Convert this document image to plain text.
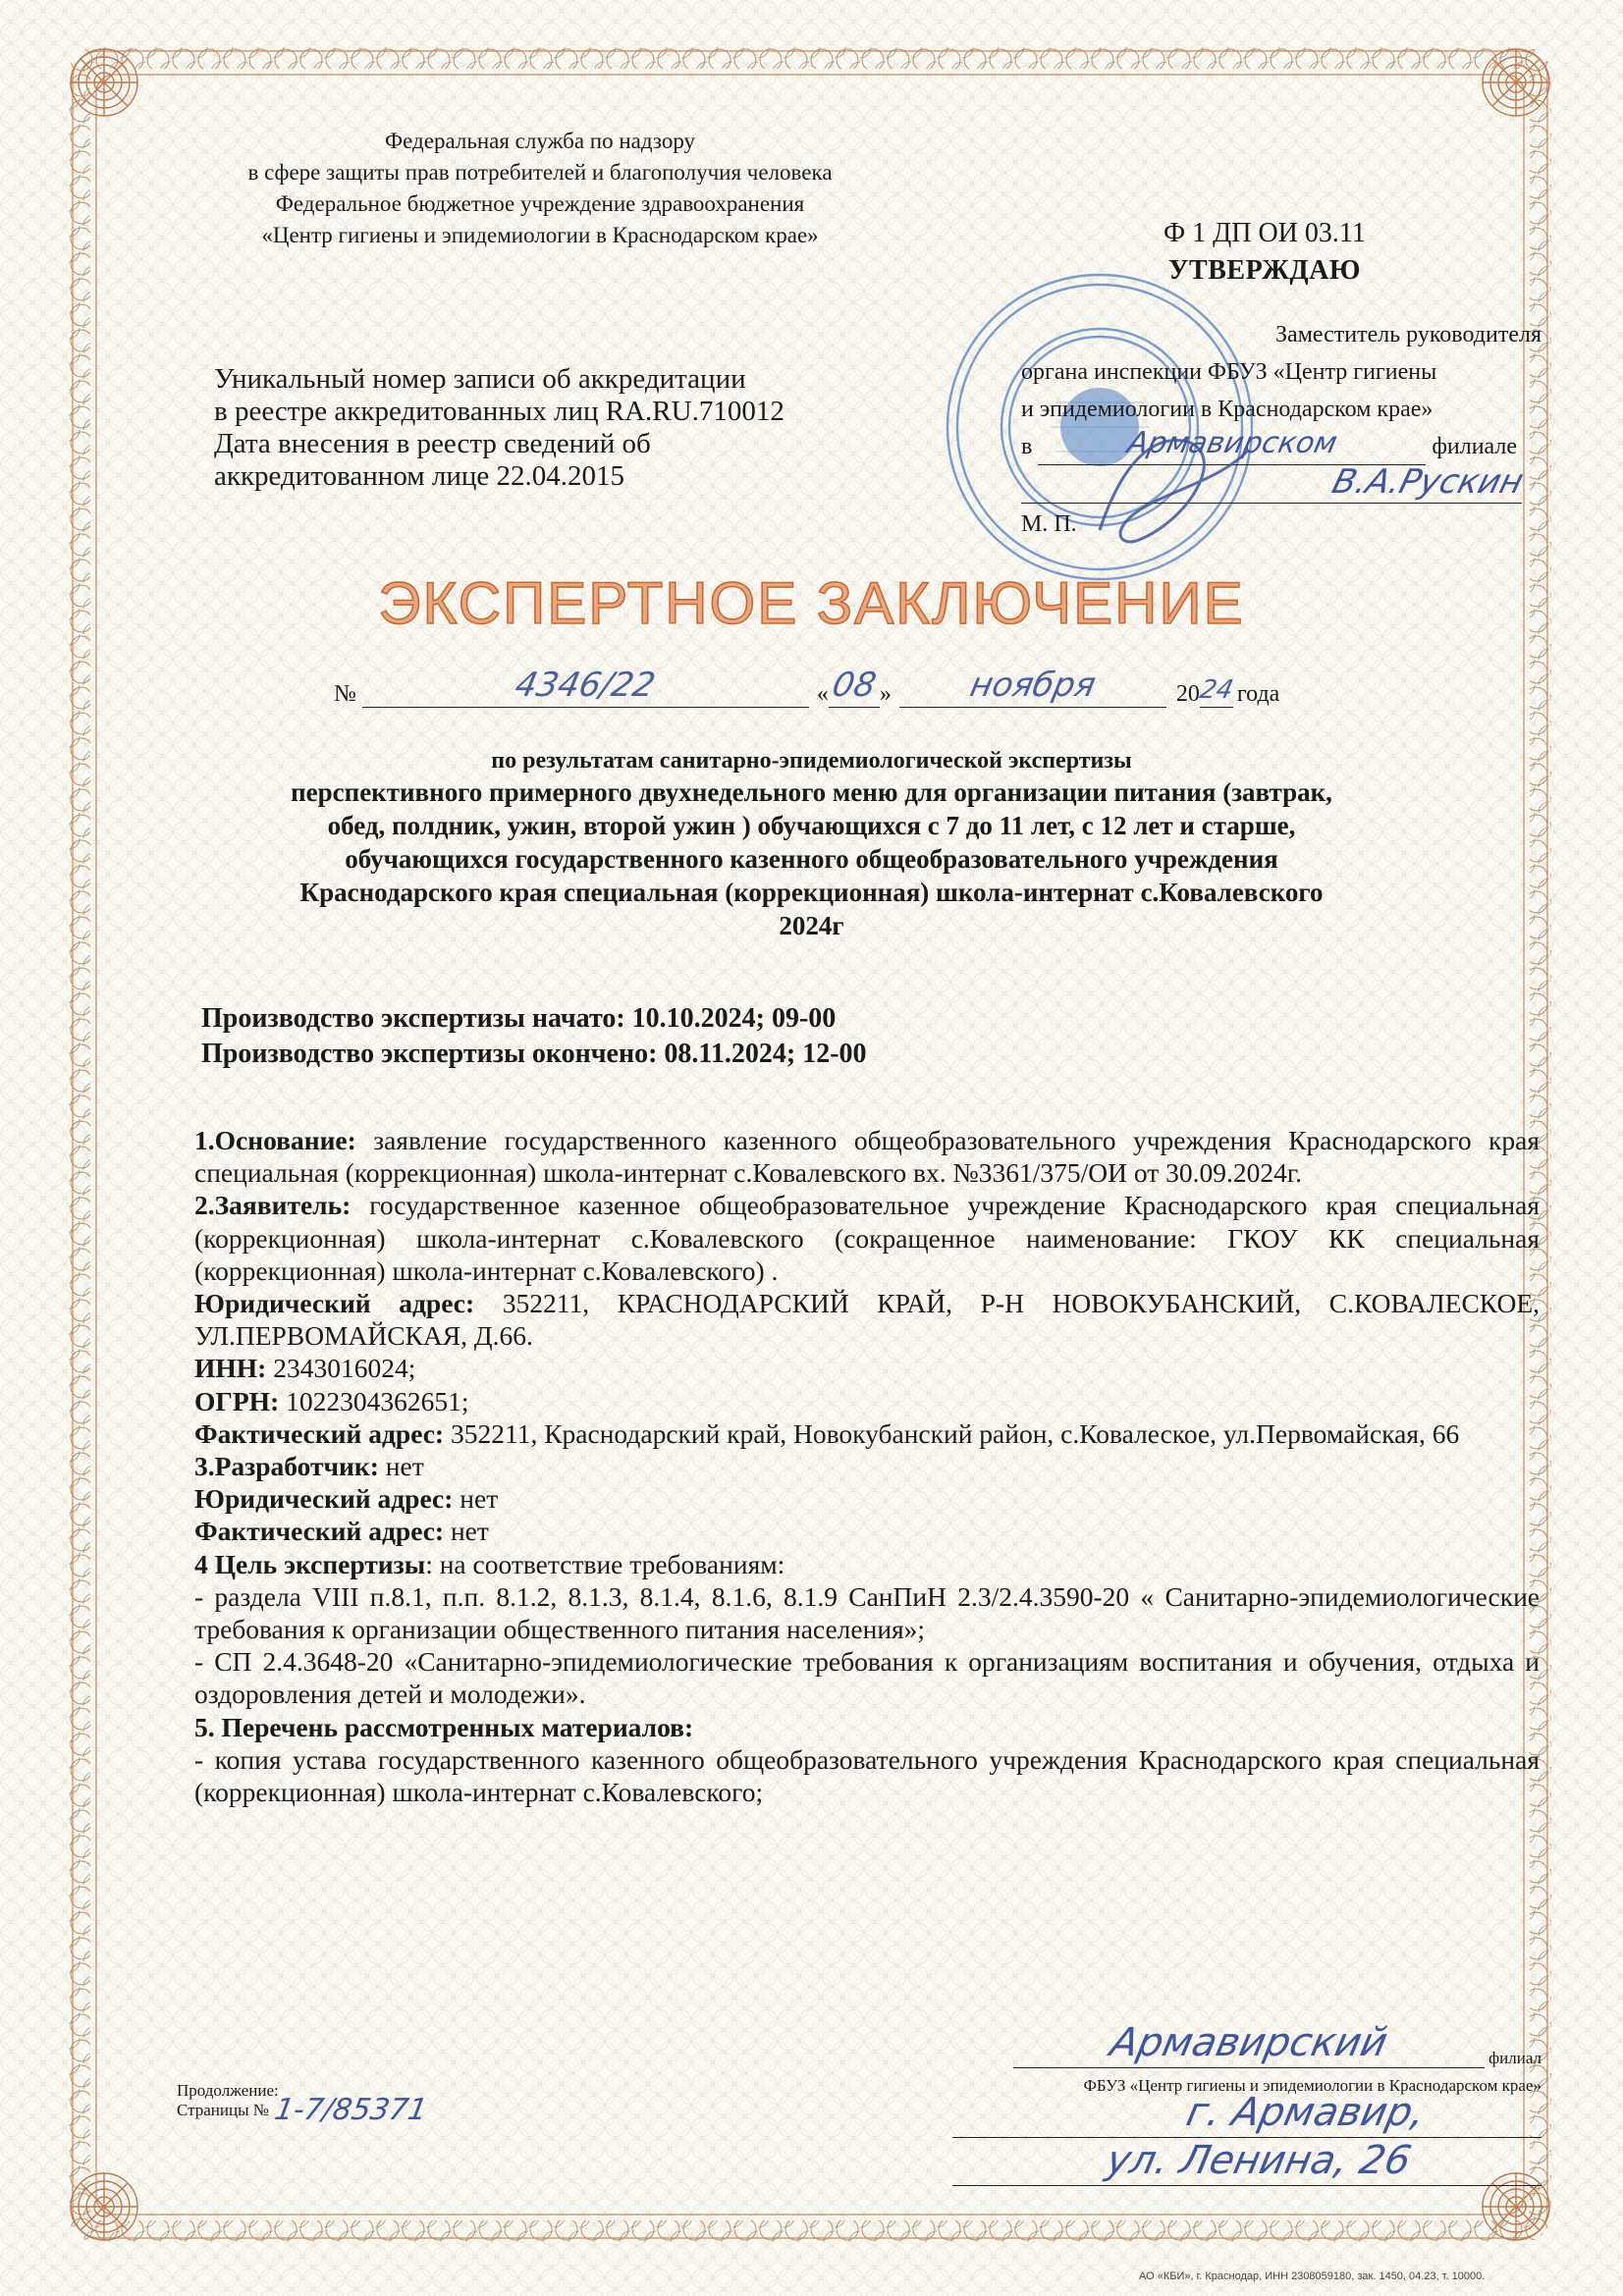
Федеральная служба по надзору
в сфере защиты прав потребителей и благополучия человека
Федеральное бюджетное учреждение здравоохранения
«Центр гигиены и эпидемиологии в Краснодарском крае»	Ф 1 ДП ОИ 03.11
УТВЕРЖДАЮ
Заместитель руководителя
органа инспекции ФБУЗ «Центр гигиены
и эпидемиологии в Краснодарском крае»
в	Армавирском	филиале
В.А.Рускин
М. П.
Уникальный номер записи об аккредитации
в реестре аккредитованных лиц RA.RU.710012
Дата внесения в реестр сведений об
аккредитованном лице 22.04.2015
ЭКСПЕРТНОЕ ЗАКЛЮЧЕНИЕ
№	4346/22	« 08 » ноября	20
24 года
по результатам санитарно-эпидемиологической экспертизы
перспективного примерного двухнедельного меню для организации питания (завтрак,
обед, полдник, ужин, второй ужин ) обучающихся с 7 до 11 лет, с 12 лет и старше,
обучающихся государственного казенного общеобразовательного учреждения
Краснодарского края специальная (коррекционная) школа-интернат с.Ковалевского
2024г
Производство экспертизы начато: 10.10.2024; 09-00
Производство экспертизы окончено: 08.11.2024; 12-00

1.Основание: заявление государственного казенного общеобразовательного учреждения Краснодарского края специальная (коррекционная) школа-интернат с.Ковалевского вх. №3361/375/ОИ от 30.09.2024г.

2.Заявитель: государственное казенное общеобразовательное учреждение Краснодарского края специальная (коррекционная) школа-интернат с.Ковалевского (сокращенное наименование: ГКОУ КК специальная (коррекционная) школа-интернат с.Ковалевского) .

Юридический адрес: 352211, КРАСНОДАРСКИЙ КРАЙ, Р-Н НОВОКУБАНСКИЙ, С.КОВАЛЕСКОЕ, УЛ.ПЕРВОМАЙСКАЯ, Д.66.

ИНН: 2343016024;

ОГРН: 1022304362651;

Фактический адрес: 352211, Краснодарский край, Новокубанский район, с.Ковалеское, ул.Первомайская, 66

3.Разработчик: нет

Юридический адрес: нет

Фактический адрес: нет

4 Цель экспертизы: на соответствие требованиям:

- раздела VIII п.8.1, п.п. 8.1.2, 8.1.3, 8.1.4, 8.1.6, 8.1.9 СанПиН 2.3/2.4.3590-20 « Санитарно-эпидемиологические требования к организации общественного питания населения»;

- СП 2.4.3648-20 «Санитарно-эпидемиологические требования к организациям воспитания и обучения, отдыха и оздоровления детей и молодежи».

5. Перечень рассмотренных материалов:

- копия устава государственного казенного общеобразовательного учреждения Краснодарского края специальная (коррекционная) школа-интернат с.Ковалевского;

Армавирский	филиал
ФБУЗ «Центр гигиены и эпидемиологии в Краснодарском крае»
г. Армавир,
ул. Ленина, 26
Продолжение:
Страницы № 1-7/85371
АО «КБИ», г. Краснодар, ИНН 2308059180, зак. 1450, 04.23, т. 10000.
